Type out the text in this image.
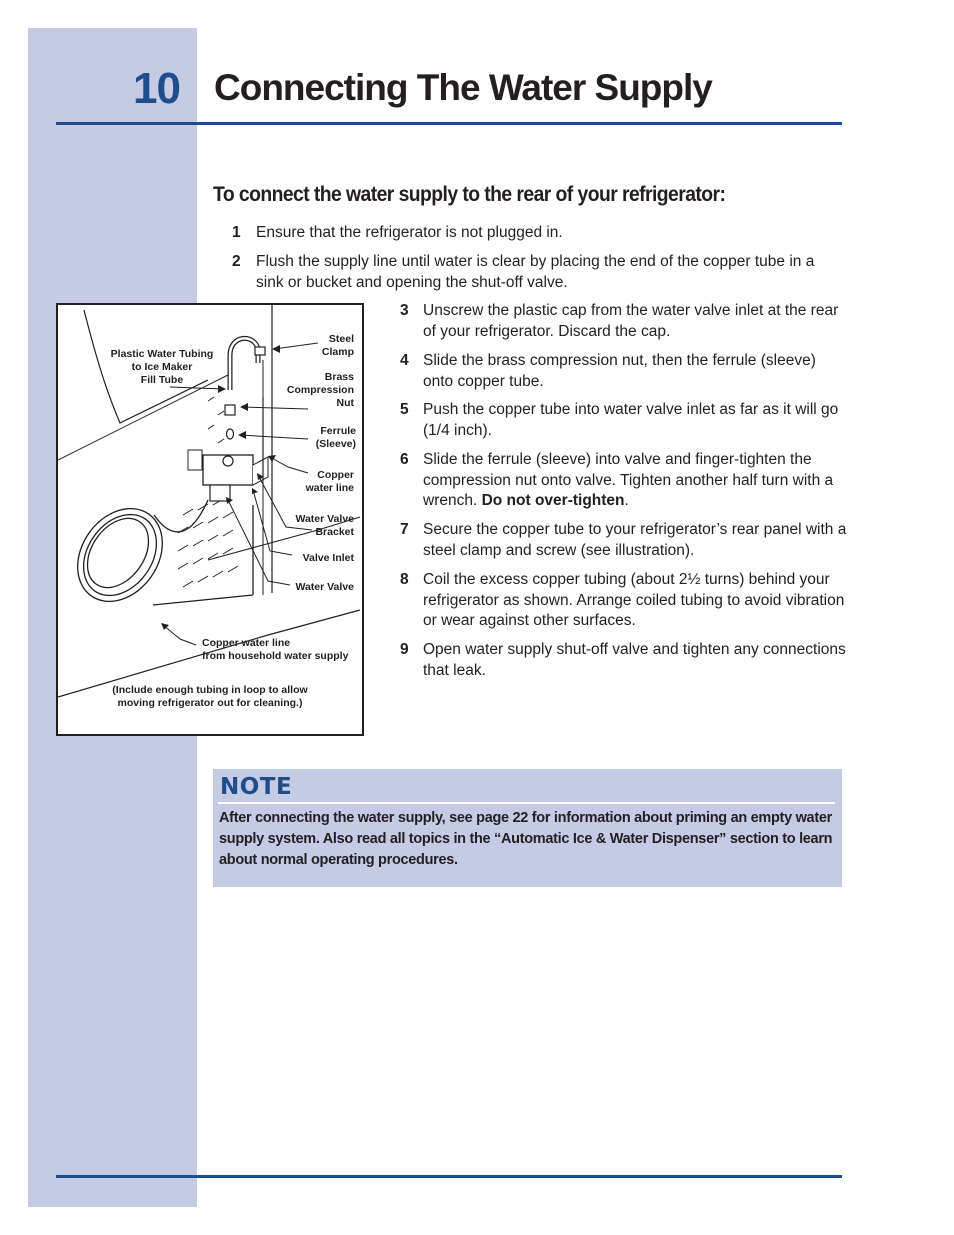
10 Connecting The Water Supply
To connect the water supply to the rear of your refrigerator:
1 Ensure that the refrigerator is not plugged in.
2 Flush the supply line until water is clear by placing the end of the copper tube in a sink or bucket and opening the shut-off valve.
3 Unscrew the plastic cap from the water valve inlet at the rear of your refrigerator. Discard the cap.
4 Slide the brass compression nut, then the ferrule (sleeve) onto copper tube.
5 Push the copper tube into water valve inlet as far as it will go (1/4 inch).
6 Slide the ferrule (sleeve) into valve and finger-tighten the compression nut onto valve. Tighten another half turn with a wrench. Do not over-tighten.
7 Secure the copper tube to your refrigerator’s rear panel with a steel clamp and screw (see illustration).
8 Coil the excess copper tubing (about 2½ turns) behind your refrigerator as shown. Arrange coiled tubing to avoid vibration or wear against other surfaces.
9 Open water supply shut-off valve and tighten any connections that leak.
Plastic Water Tubing
to Ice Maker
Fill Tube
Steel
Clamp
Brass
Compression
Nut
Ferrule
(Sleeve)
Copper
water line
Water Valve
Bracket
Valve Inlet
Water Valve
Copper water line
from household water supply
(Include enough tubing in loop to allow
moving refrigerator out for cleaning.)
NOTE
After connecting the water supply, see page 22 for information about priming an empty water supply system. Also read all topics in the “Automatic Ice & Water Dispenser” section to learn about normal operating procedures.
